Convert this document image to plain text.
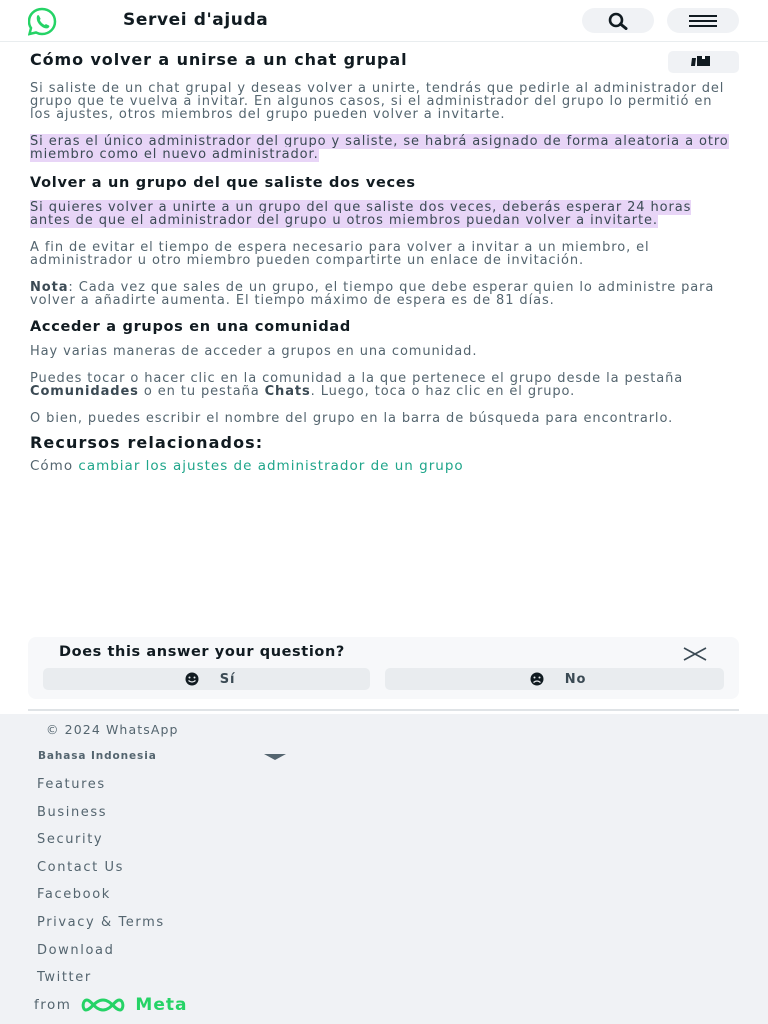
Servei d'ajuda
Cómo volver a unirse a un chat grupal

Si saliste de un chat grupal y deseas volver a unirte, tendrás que pedirle al administrador del grupo que te vuelva a invitar. En algunos casos, si el administrador del grupo lo permitió en los ajustes, otros miembros del grupo pueden volver a invitarte.

Si eras el único administrador del grupo y saliste, se habrá asignado de forma aleatoria a otro miembro como el nuevo administrador.

Volver a un grupo del que saliste dos veces

Si quieres volver a unirte a un grupo del que saliste dos veces, deberás esperar 24 horas antes de que el administrador del grupo u otros miembros puedan volver a invitarte.

A fin de evitar el tiempo de espera necesario para volver a invitar a un miembro, el administrador u otro miembro pueden compartirte un enlace de invitación.

Nota: Cada vez que sales de un grupo, el tiempo que debe esperar quien lo administre para volver a añadirte aumenta. El tiempo máximo de espera es de 81 días.

Acceder a grupos en una comunidad

Hay varias maneras de acceder a grupos en una comunidad.

Puedes tocar o hacer clic en la comunidad a la que pertenece el grupo desde la pestaña Comunidades o en tu pestaña Chats. Luego, toca o haz clic en el grupo.

O bien, puedes escribir el nombre del grupo en la barra de búsqueda para encontrarlo.

Recursos relacionados:

Cómo cambiar los ajustes de administrador de un grupo

Does this answer your question?
Sí	No
© 2024 WhatsApp
Bahasa Indonesia
Features
Business
Security
Contact Us
Facebook
Privacy & Terms
Download
Twitter
from	Meta
